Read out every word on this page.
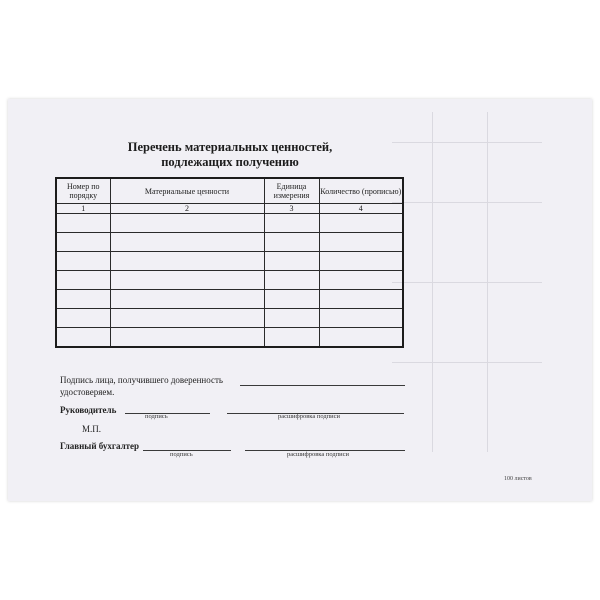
Перечень материальных ценностей,
подлежащих получению
Номер по порядку	Материальные ценности	Единица измерения	Количество (прописью)
1	2	3	4

Подпись лица, получившего доверенность
удостоверяем.
Руководитель
подпись	расшифровка подписи
М.П.
Главный бухгалтер
подпись	расшифровка подписи
100 листов
